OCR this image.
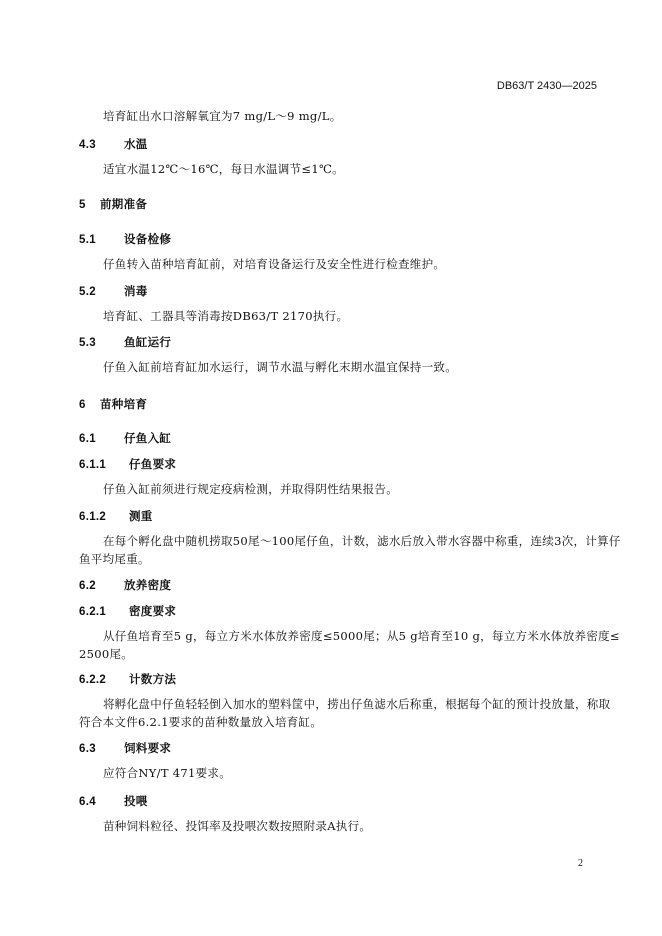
DB63/T 2430—2025
培育缸出水口溶解氧宜为7 mg/L～9 mg/L。
4.3 水温
适宜水温12℃～16℃，每日水温调节≤1℃。
5 前期准备
5.1 设备检修
仔鱼转入苗种培育缸前，对培育设备运行及安全性进行检查维护。
5.2 消毒
培育缸、工器具等消毒按DB63/T 2170执行。
5.3 鱼缸运行
仔鱼入缸前培育缸加水运行，调节水温与孵化末期水温宜保持一致。
6 苗种培育
6.1 仔鱼入缸
6.1.1 仔鱼要求
仔鱼入缸前须进行规定疫病检测，并取得阴性结果报告。
6.1.2 测重
在每个孵化盘中随机捞取50尾～100尾仔鱼，计数，滤水后放入带水容器中称重，连续3次，计算仔
鱼平均尾重。
6.2 放养密度
6.2.1 密度要求
从仔鱼培育至5 g，每立方米水体放养密度≤5000尾；从5 g培育至10 g，每立方米水体放养密度≤
2500尾。
6.2.2 计数方法
将孵化盘中仔鱼轻轻倒入加水的塑料筐中，捞出仔鱼滤水后称重，根据每个缸的预计投放量，称取
符合本文件6.2.1要求的苗种数量放入培育缸。
6.3 饲料要求
应符合NY/T 471要求。
6.4 投喂
苗种饲料粒径、投饵率及投喂次数按照附录A执行。
2
